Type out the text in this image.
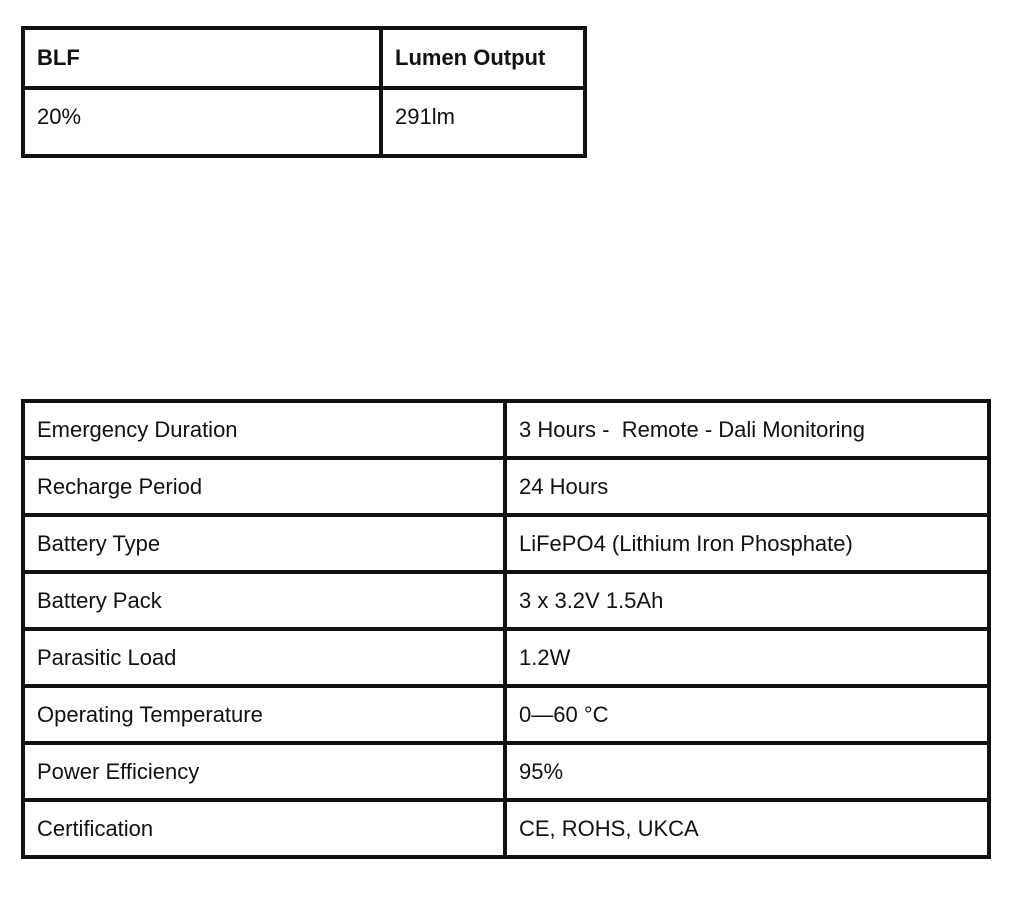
BLF	Lumen Output
20%	291lm
Emergency Duration	3 Hours -  Remote - Dali Monitoring
Recharge Period	24 Hours
Battery Type	LiFePO4 (Lithium Iron Phosphate)
Battery Pack	3 x 3.2V 1.5Ah
Parasitic Load	1.2W
Operating Temperature	0—60 °C
Power Efficiency	95%
Certification	CE, ROHS, UKCA
